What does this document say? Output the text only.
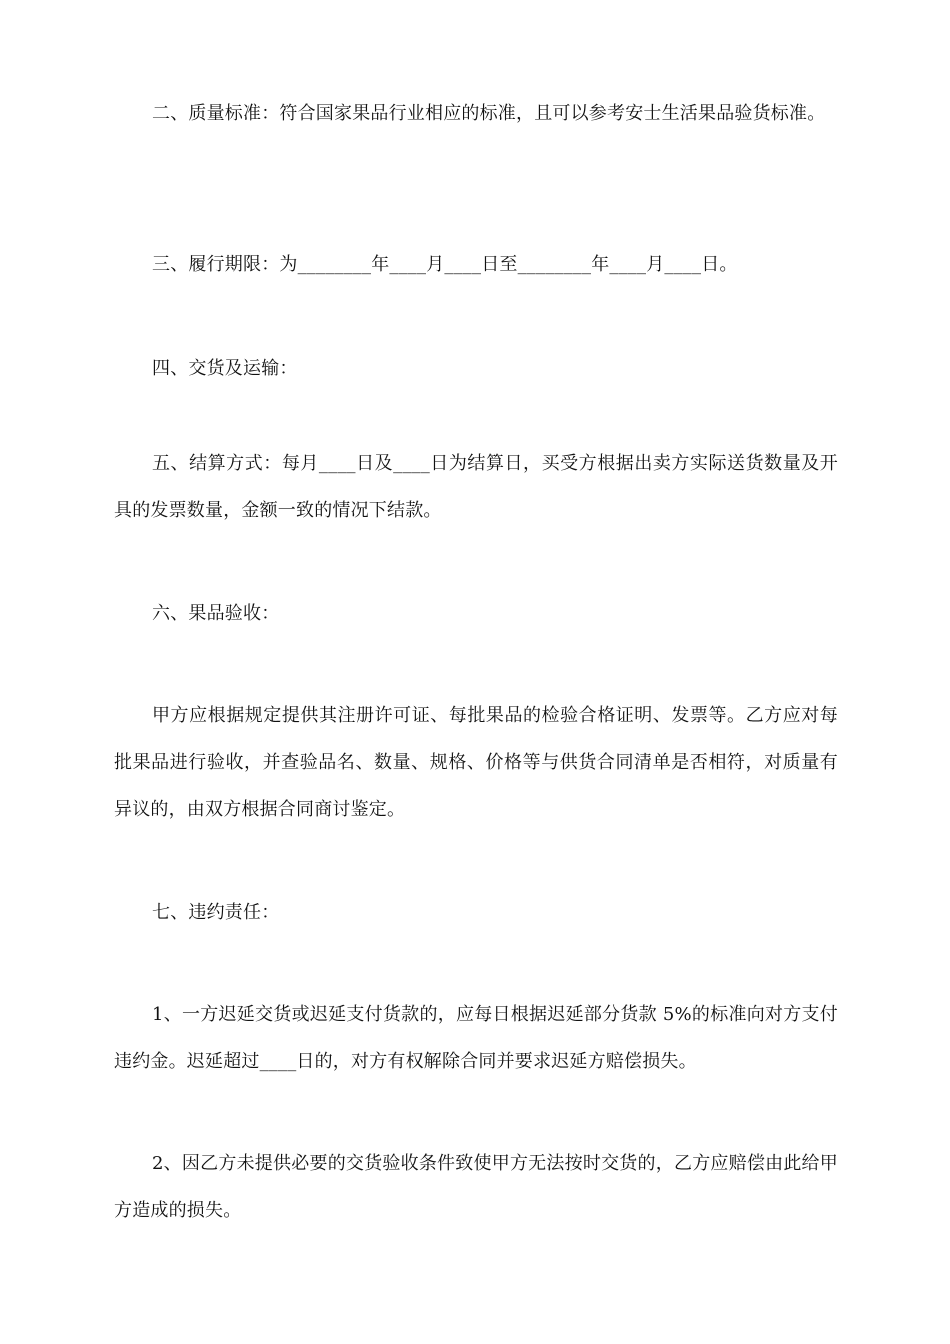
二、质量标准：符合国家果品行业相应的标准，且可以参考安士生活果品验货标准。

三、履行期限：为________年____月____日至________年____月____日。

四、交货及运输：

五、结算方式：每月____日及____日为结算日，买受方根据出卖方实际送货数量及开具的发票数量，金额一致的情况下结款。

六、果品验收：

甲方应根据规定提供其注册许可证、每批果品的检验合格证明、发票等。乙方应对每批果品进行验收，并查验品名、数量、规格、价格等与供货合同清单是否相符，对质量有异议的，由双方根据合同商讨鉴定。

七、违约责任：

1、一方迟延交货或迟延支付货款的，应每日根据迟延部分货款 5%的标准向对方支付违约金。迟延超过____日的，对方有权解除合同并要求迟延方赔偿损失。

2、因乙方未提供必要的交货验收条件致使甲方无法按时交货的，乙方应赔偿由此给甲方造成的损失。
